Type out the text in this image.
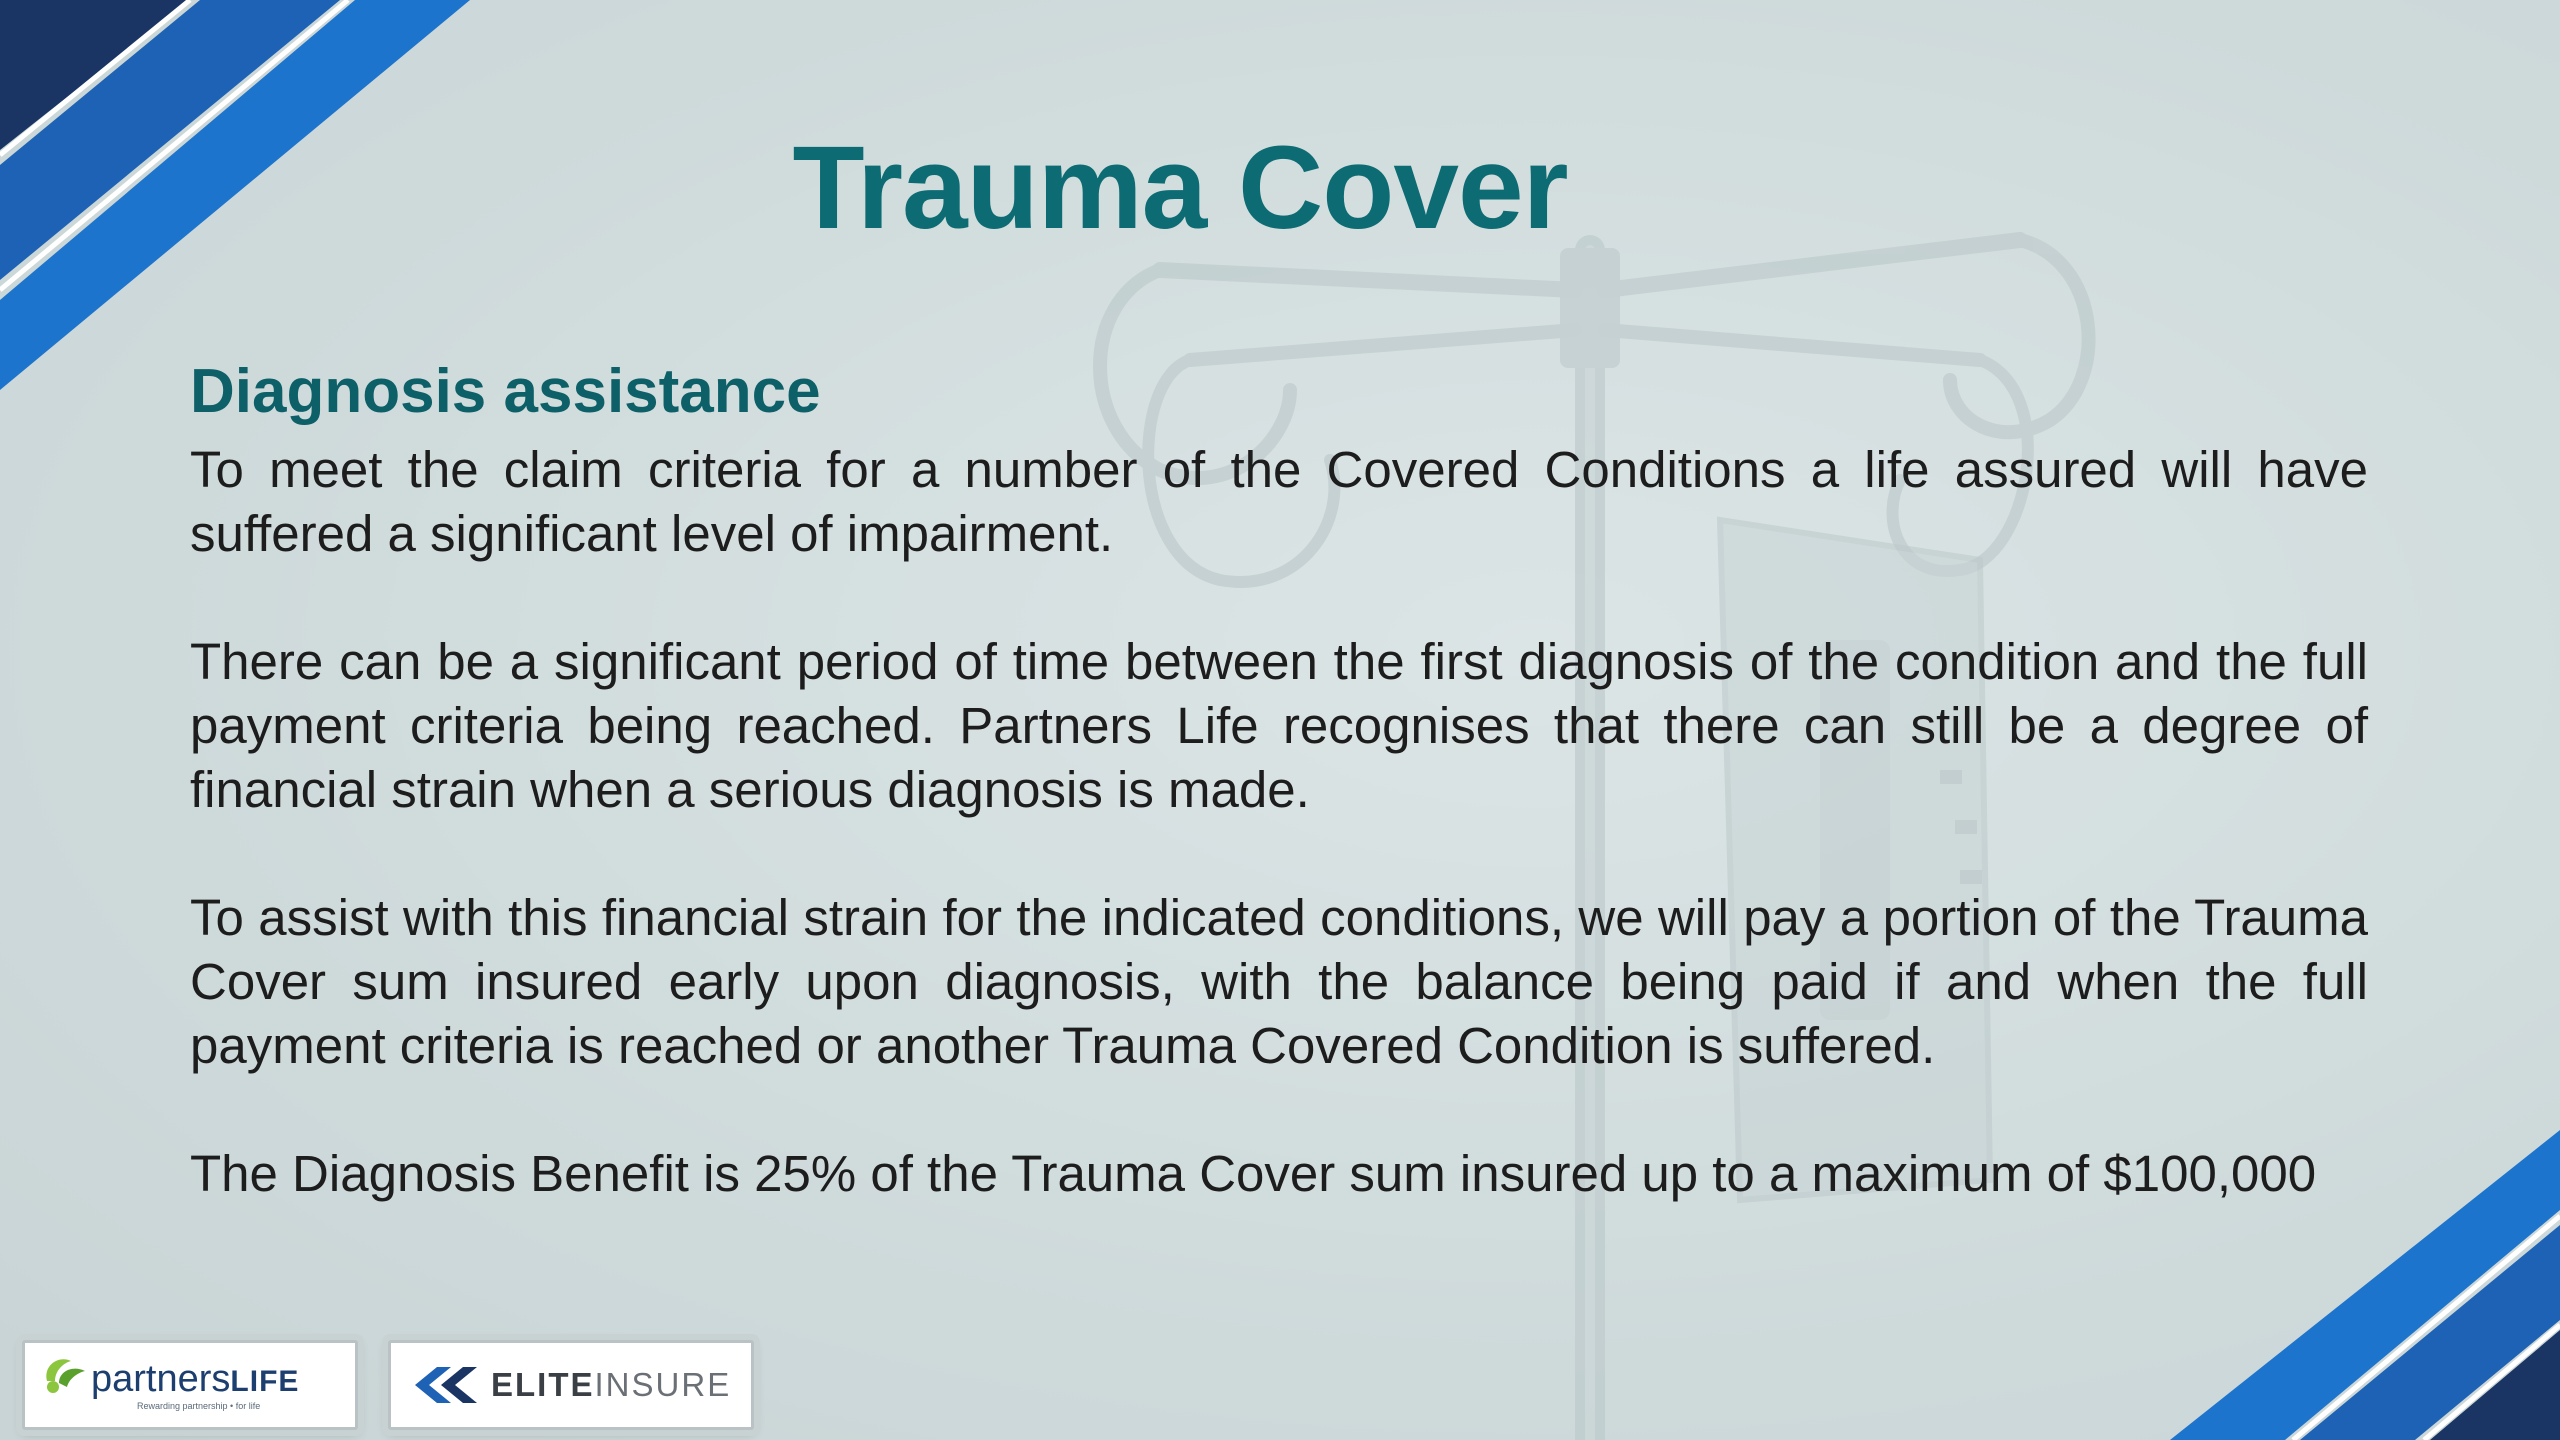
Trauma Cover
Diagnosis assistance

To meet the claim criteria for a number of the Covered Conditions a life assured will have suffered a significant level of impairment.

There can be a significant period of time between the first diagnosis of the condition and the full payment criteria being reached. Partners Life recognises that there can still be a degree of financial strain when a serious diagnosis is made.

To assist with this financial strain for the indicated conditions, we will pay a portion of the Trauma Cover sum insured early upon diagnosis, with the balance being paid if and when the full payment criteria is reached or another Trauma Covered Condition is suffered.

The Diagnosis Benefit is 25% of the Trauma Cover sum insured up to a maximum of $100,000

partnersLIFE
Rewarding partnership • for life
ELITEINSURE
